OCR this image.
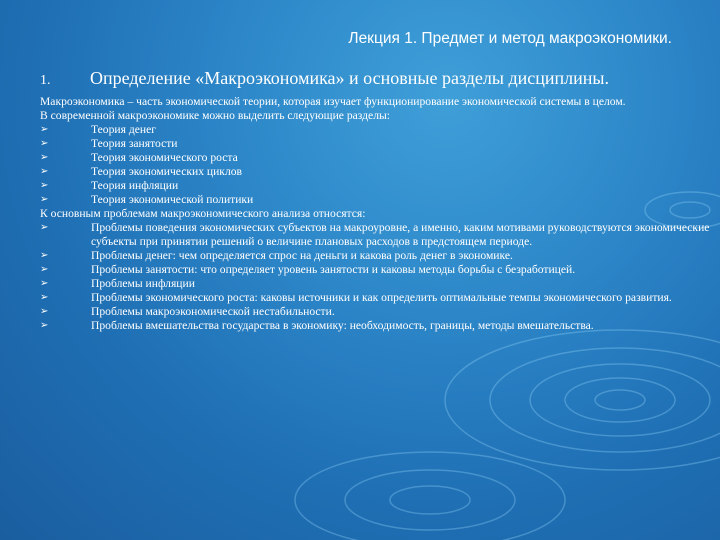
Лекция 1. Предмет и метод макроэкономики.
1. Определение «Макроэкономика» и основные разделы дисциплины.

Макроэкономика – часть экономической теории, которая изучает функционирование экономической системы в целом.

В современной макроэкономике можно выделить следующие разделы:

➢	Теория денег
➢	Теория занятости
➢	Теория экономического роста
➢	Теория экономических циклов
➢	Теория инфляции
➢	Теория экономической политики

К основным проблемам макроэкономического анализа относятся:

➢	Проблемы поведения экономических субъектов на макроуровне, а именно, каким мотивами руководствуются экономические субъекты при принятии решений о величине плановых расходов в предстоящем периоде.
➢	Проблемы денег: чем определяется спрос на деньги и какова роль денег в экономике.
➢	Проблемы занятости: что определяет уровень занятости и каковы методы борьбы с безработицей.
➢	Проблемы инфляции
➢	Проблемы экономического роста: каковы источники и как определить оптимальные темпы экономического развития.
➢	Проблемы макроэкономической нестабильности.
➢	Проблемы вмешательства государства в экономику: необходимость, границы, методы вмешательства.
